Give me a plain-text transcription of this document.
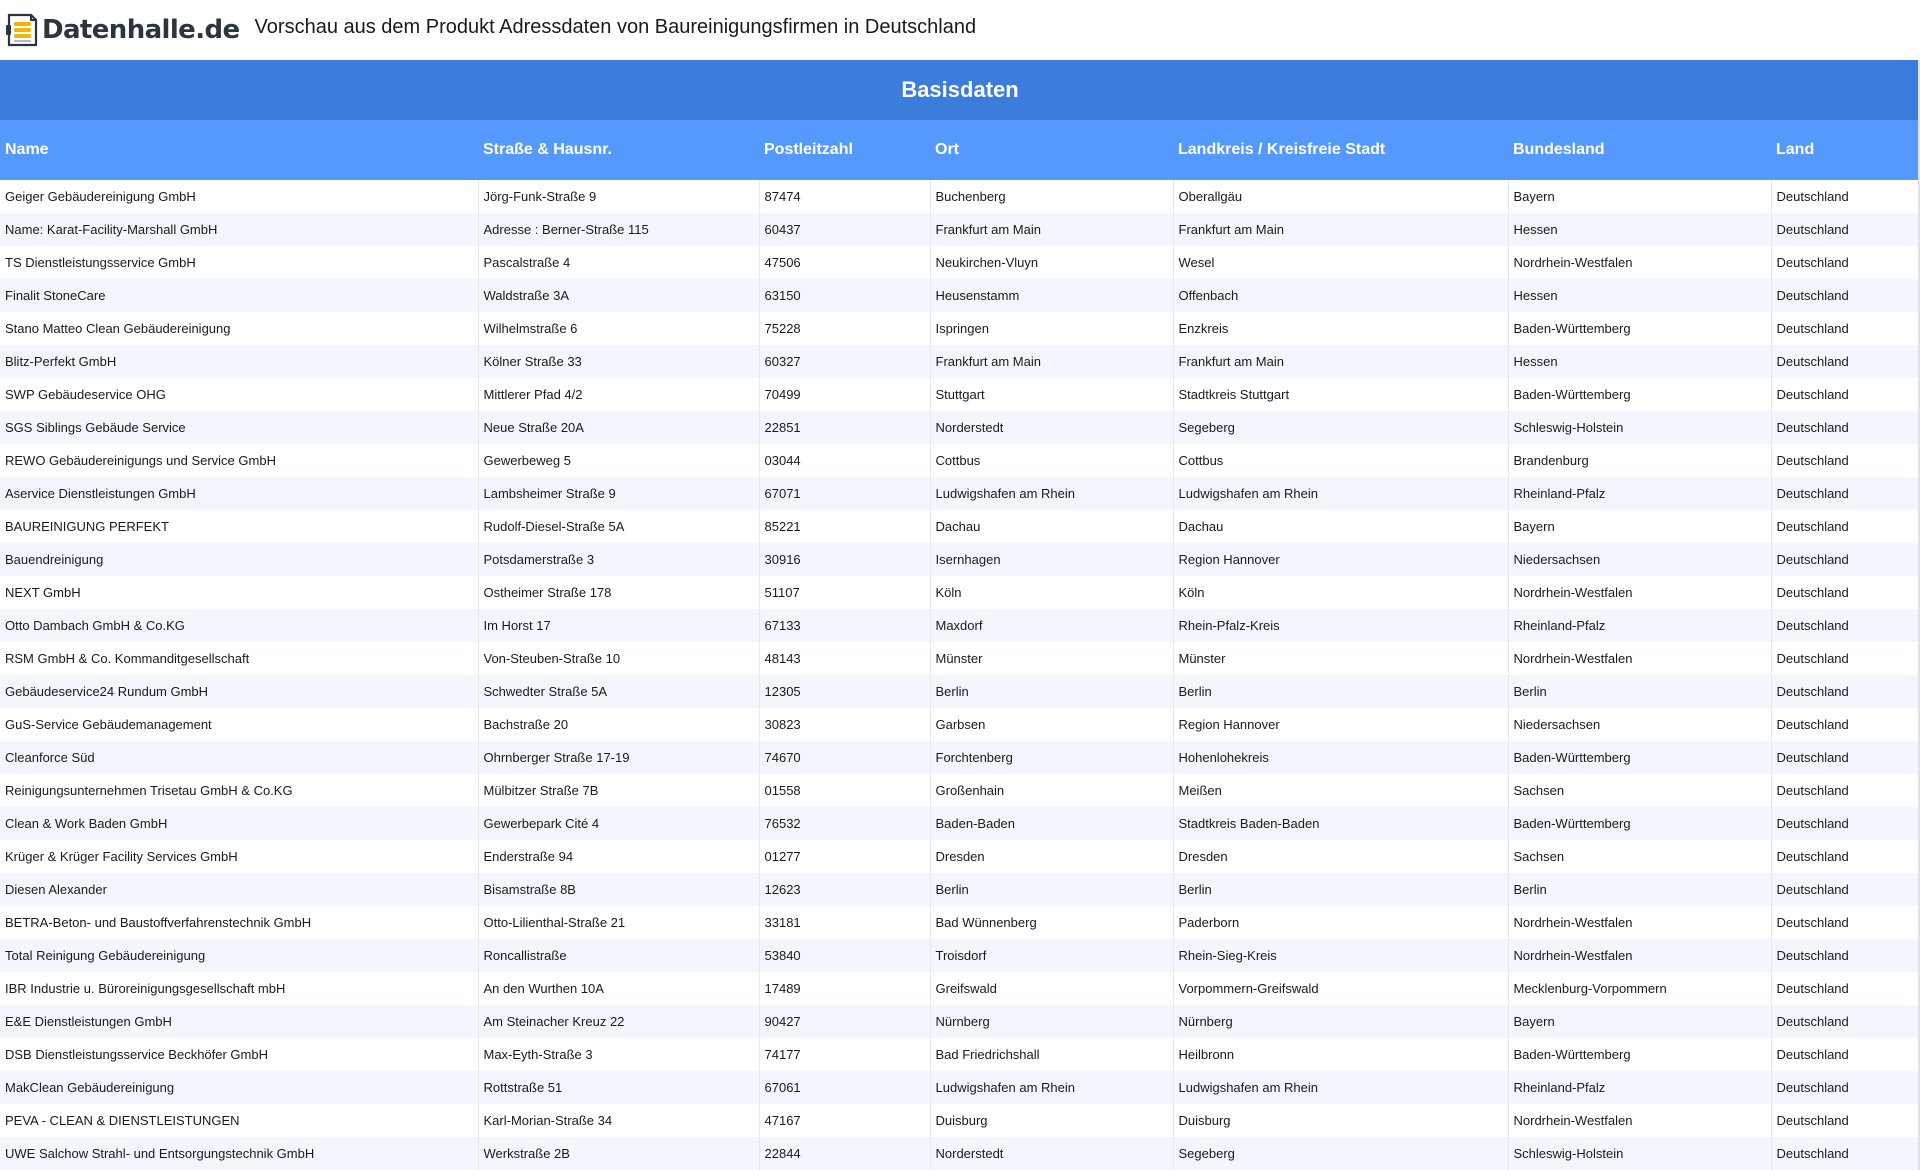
Datenhalle.de Vorschau aus dem Produkt Adressdaten von Baureinigungsfirmen in Deutschland
Basisdaten						
Name	Straße & Hausnr.	Postleitzahl	Ort	Landkreis / Kreisfreie Stadt	Bundesland	Land
Geiger Gebäudereinigung GmbH	Jörg-Funk-Straße 9	87474	Buchenberg	Oberallgäu	Bayern	Deutschland
Name: Karat-Facility-Marshall GmbH	Adresse : Berner-Straße 115	60437	Frankfurt am Main	Frankfurt am Main	Hessen	Deutschland
TS Dienstleistungsservice GmbH	Pascalstraße 4	47506	Neukirchen-Vluyn	Wesel	Nordrhein-Westfalen	Deutschland
Finalit StoneCare	Waldstraße 3A	63150	Heusenstamm	Offenbach	Hessen	Deutschland
Stano Matteo Clean Gebäudereinigung	Wilhelmstraße 6	75228	Ispringen	Enzkreis	Baden-Württemberg	Deutschland
Blitz-Perfekt GmbH	Kölner Straße 33	60327	Frankfurt am Main	Frankfurt am Main	Hessen	Deutschland
SWP Gebäudeservice OHG	Mittlerer Pfad 4/2	70499	Stuttgart	Stadtkreis Stuttgart	Baden-Württemberg	Deutschland
SGS Siblings Gebäude Service	Neue Straße 20A	22851	Norderstedt	Segeberg	Schleswig-Holstein	Deutschland
REWO Gebäudereinigungs und Service GmbH	Gewerbeweg 5	03044	Cottbus	Cottbus	Brandenburg	Deutschland
Aservice Dienstleistungen GmbH	Lambsheimer Straße 9	67071	Ludwigshafen am Rhein	Ludwigshafen am Rhein	Rheinland-Pfalz	Deutschland
BAUREINIGUNG PERFEKT	Rudolf-Diesel-Straße 5A	85221	Dachau	Dachau	Bayern	Deutschland
Bauendreinigung	Potsdamerstraße 3	30916	Isernhagen	Region Hannover	Niedersachsen	Deutschland
NEXT GmbH	Ostheimer Straße 178	51107	Köln	Köln	Nordrhein-Westfalen	Deutschland
Otto Dambach GmbH & Co.KG	Im Horst 17	67133	Maxdorf	Rhein-Pfalz-Kreis	Rheinland-Pfalz	Deutschland
RSM GmbH & Co. Kommanditgesellschaft	Von-Steuben-Straße 10	48143	Münster	Münster	Nordrhein-Westfalen	Deutschland
Gebäudeservice24 Rundum GmbH	Schwedter Straße 5A	12305	Berlin	Berlin	Berlin	Deutschland
GuS-Service Gebäudemanagement	Bachstraße 20	30823	Garbsen	Region Hannover	Niedersachsen	Deutschland
Cleanforce Süd	Ohrnberger Straße 17-19	74670	Forchtenberg	Hohenlohekreis	Baden-Württemberg	Deutschland
Reinigungsunternehmen Trisetau GmbH & Co.KG	Mülbitzer Straße 7B	01558	Großenhain	Meißen	Sachsen	Deutschland
Clean & Work Baden GmbH	Gewerbepark Cité 4	76532	Baden-Baden	Stadtkreis Baden-Baden	Baden-Württemberg	Deutschland
Krüger & Krüger Facility Services GmbH	Enderstraße 94	01277	Dresden	Dresden	Sachsen	Deutschland
Diesen Alexander	Bisamstraße 8B	12623	Berlin	Berlin	Berlin	Deutschland
BETRA-Beton- und Baustoffverfahrenstechnik GmbH	Otto-Lilienthal-Straße 21	33181	Bad Wünnenberg	Paderborn	Nordrhein-Westfalen	Deutschland
Total Reinigung Gebäudereinigung	Roncallistraße	53840	Troisdorf	Rhein-Sieg-Kreis	Nordrhein-Westfalen	Deutschland
IBR Industrie u. Büroreinigungsgesellschaft mbH	An den Wurthen 10A	17489	Greifswald	Vorpommern-Greifswald	Mecklenburg-Vorpommern	Deutschland
E&E Dienstleistungen GmbH	Am Steinacher Kreuz 22	90427	Nürnberg	Nürnberg	Bayern	Deutschland
DSB Dienstleistungsservice Beckhöfer GmbH	Max-Eyth-Straße 3	74177	Bad Friedrichshall	Heilbronn	Baden-Württemberg	Deutschland
MakClean Gebäudereinigung	Rottstraße 51	67061	Ludwigshafen am Rhein	Ludwigshafen am Rhein	Rheinland-Pfalz	Deutschland
PEVA - CLEAN & DIENSTLEISTUNGEN	Karl-Morian-Straße 34	47167	Duisburg	Duisburg	Nordrhein-Westfalen	Deutschland
UWE Salchow Strahl- und Entsorgungstechnik GmbH	Werkstraße 2B	22844	Norderstedt	Segeberg	Schleswig-Holstein	Deutschland
